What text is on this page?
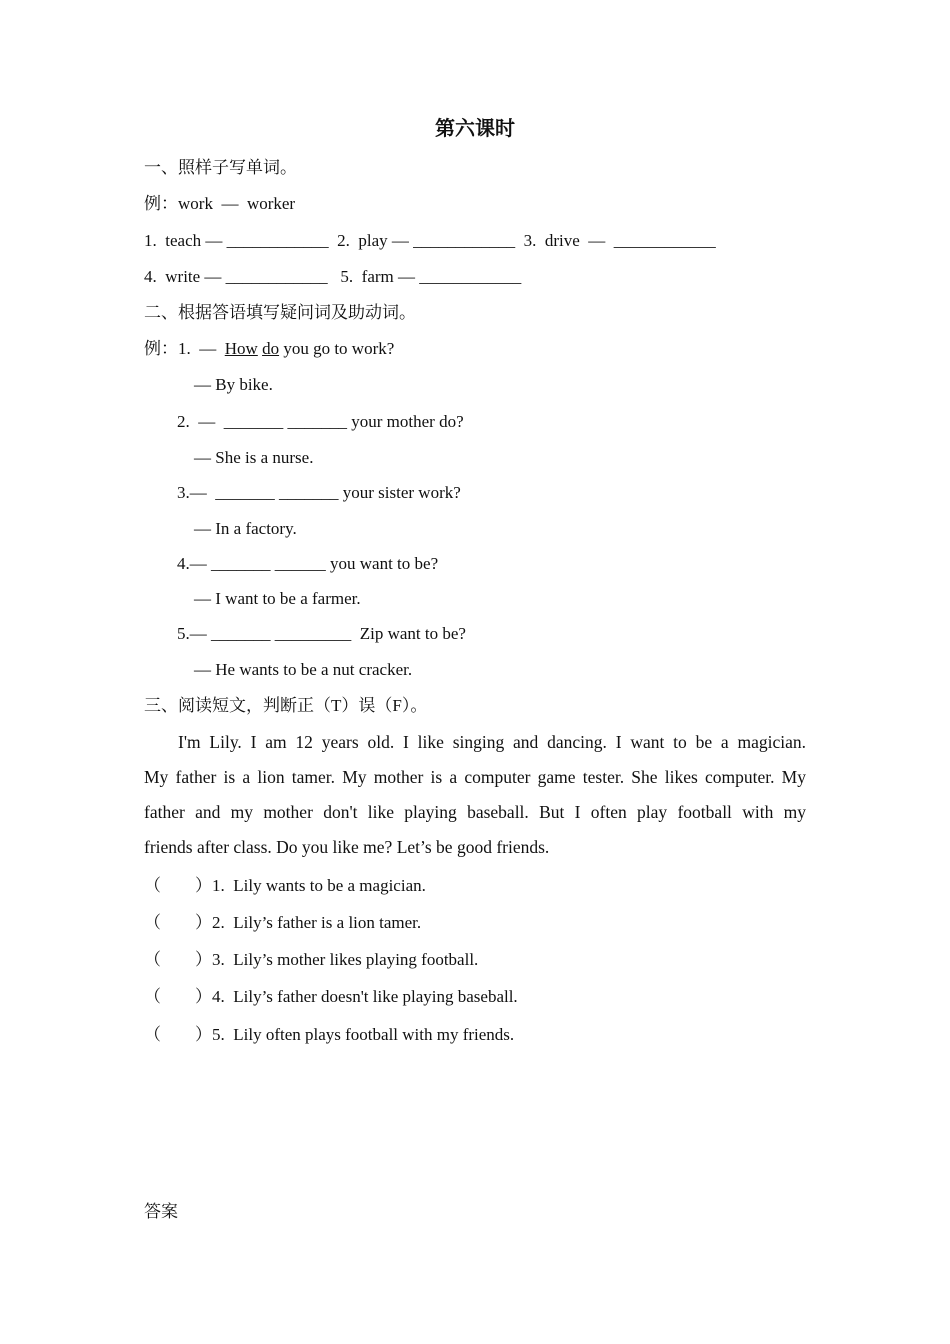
第六课时
一、照样子写单词。
例：work  —  worker
1.  teach — ____________  2.  play — ____________  3.  drive  —  ____________
4.  write — ____________   5.  farm — ____________
二、根据答语填写疑问词及助动词。
例：1.  —  How do you go to work?
— By bike.
2.  —  _______ _______ your mother do?
— She is a nurse.
3.—  _______ _______ your sister work?
— In a factory.
4.— _______ ______ you want to be?
— I want to be a farmer.
5.— _______ _________  Zip want to be?
— He wants to be a nut cracker.
三、阅读短文，判断正（T）误（F）。
I'm Lily. I am 12 years old. I like singing and dancing. I want to be a magician.
My father is a lion tamer. My mother is a computer game tester. She likes computer. My
father and my mother don't like playing baseball. But I often play football with my
friends after class. Do you like me? Let’s be good friends.
（        ）1.  Lily wants to be a magician.
（        ）2.  Lily’s father is a lion tamer.
（        ）3.  Lily’s mother likes playing football.
（        ）4.  Lily’s father doesn't like playing baseball.
（        ）5.  Lily often plays football with my friends.
答案
